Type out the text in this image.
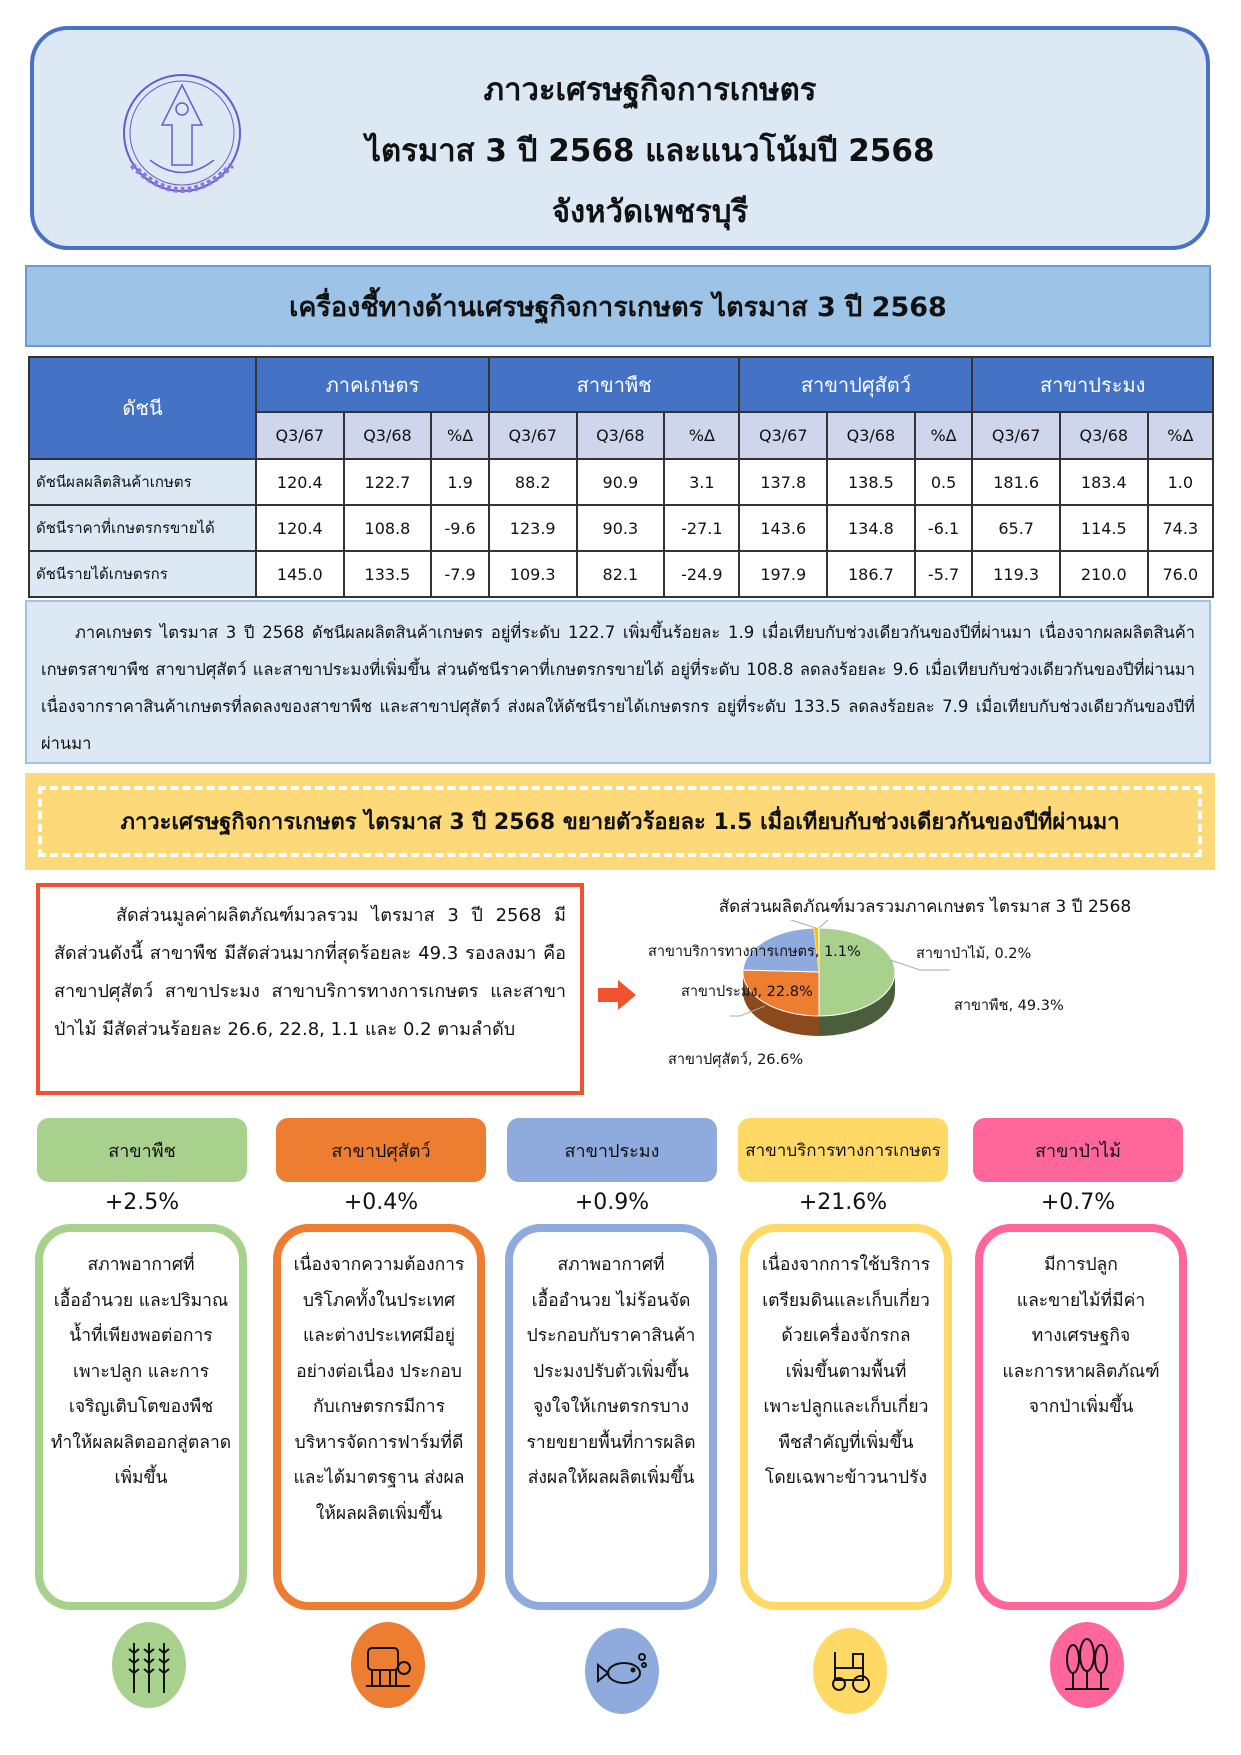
ภาวะเศรษฐกิจการเกษตร
ไตรมาส 3 ปี 2568 และแนวโน้มปี 2568
จังหวัดเพชรบุรี
เครื่องชี้ทางด้านเศรษฐกิจการเกษตร ไตรมาส 3 ปี 2568
ดัชนี	ภาคเกษตร			สาขาพืช			สาขาปศุสัตว์			สาขาประมง		
	Q3/67	Q3/68	%Δ	Q3/67	Q3/68	%Δ	Q3/67	Q3/68	%Δ	Q3/67	Q3/68	%Δ
ดัชนีผลผลิตสินค้าเกษตร	120.4	122.7	1.9	88.2	90.9	3.1	137.8	138.5	0.5	181.6	183.4	1.0
ดัชนีราคาที่เกษตรกรขายได้	120.4	108.8	-9.6	123.9	90.3	-27.1	143.6	134.8	-6.1	65.7	114.5	74.3
ดัชนีรายได้เกษตรกร	145.0	133.5	-7.9	109.3	82.1	-24.9	197.9	186.7	-5.7	119.3	210.0	76.0
ภาคเกษตร ไตรมาส 3 ปี 2568 ดัชนีผลผลิตสินค้าเกษตร อยู่ที่ระดับ 122.7 เพิ่มขึ้นร้อยละ 1.9 เมื่อเทียบกับช่วงเดียวกันของปีที่ผ่านมา เนื่องจากผลผลิตสินค้าเกษตรสาขาพืช สาขาปศุสัตว์ และสาขาประมงที่เพิ่มขึ้น ส่วนดัชนีราคาที่เกษตรกรขายได้ อยู่ที่ระดับ 108.8 ลดลงร้อยละ 9.6 เมื่อเทียบกับช่วงเดียวกันของปีที่ผ่านมา เนื่องจากราคาสินค้าเกษตรที่ลดลงของสาขาพืช และสาขาปศุสัตว์ ส่งผลให้ดัชนีรายได้เกษตรกร อยู่ที่ระดับ 133.5 ลดลงร้อยละ 7.9 เมื่อเทียบกับช่วงเดียวกันของปีที่ผ่านมา
ภาวะเศรษฐกิจการเกษตร ไตรมาส 3 ปี 2568 ขยายตัวร้อยละ 1.5 เมื่อเทียบกับช่วงเดียวกันของปีที่ผ่านมา

สัดส่วนมูลค่าผลิตภัณฑ์มวลรวม ไตรมาส 3 ปี 2568 มีสัดส่วนดังนี้ สาขาพืช มีสัดส่วนมากที่สุดร้อยละ 49.3 รองลงมา คือ สาขาปศุสัตว์ สาขาประมง สาขาบริการทางการเกษตร และสาขาป่าไม้ มีสัดส่วนร้อยละ 26.6, 22.8, 1.1 และ 0.2 ตามลำดับ

สัดส่วนผลิตภัณฑ์มวลรวมภาคเกษตร ไตรมาส 3 ปี 2568
สาขาพืช, 49.3%
สาขาปศุสัตว์, 26.6%
สาขาประมง, 22.8%
สาขาบริการทางการเกษตร, 1.1%	สาขาป่าไม้, 0.2%
สาขาพืช
+2.5%
สภาพอากาศที่
เอื้ออำนวย และปริมาณ
น้ำที่เพียงพอต่อการ
เพาะปลูก และการ
เจริญเติบโตของพืช
ทำให้ผลผลิตออกสู่ตลาด
เพิ่มขึ้น
สาขาปศุสัตว์
+0.4%
เนื่องจากความต้องการ
บริโภคทั้งในประเทศ
และต่างประเทศมีอยู่
อย่างต่อเนื่อง ประกอบ
กับเกษตรกรมีการ
บริหารจัดการฟาร์มที่ดี
และได้มาตรฐาน ส่งผล
ให้ผลผลิตเพิ่มขึ้น
สาขาประมง
+0.9%
สภาพอากาศที่
เอื้ออำนวย ไม่ร้อนจัด
ประกอบกับราคาสินค้า
ประมงปรับตัวเพิ่มขึ้น
จูงใจให้เกษตรกรบาง
รายขยายพื้นที่การผลิต
ส่งผลให้ผลผลิตเพิ่มขึ้น
สาขาบริการทางการเกษตร
+21.6%
เนื่องจากการใช้บริการ
เตรียมดินและเก็บเกี่ยว
ด้วยเครื่องจักรกล
เพิ่มขึ้นตามพื้นที่
เพาะปลูกและเก็บเกี่ยว
พืชสำคัญที่เพิ่มขึ้น
โดยเฉพาะข้าวนาปรัง
สาขาป่าไม้
+0.7%
มีการปลูก
และขายไม้ที่มีค่า
ทางเศรษฐกิจ
และการหาผลิตภัณฑ์
จากป่าเพิ่มขึ้น
